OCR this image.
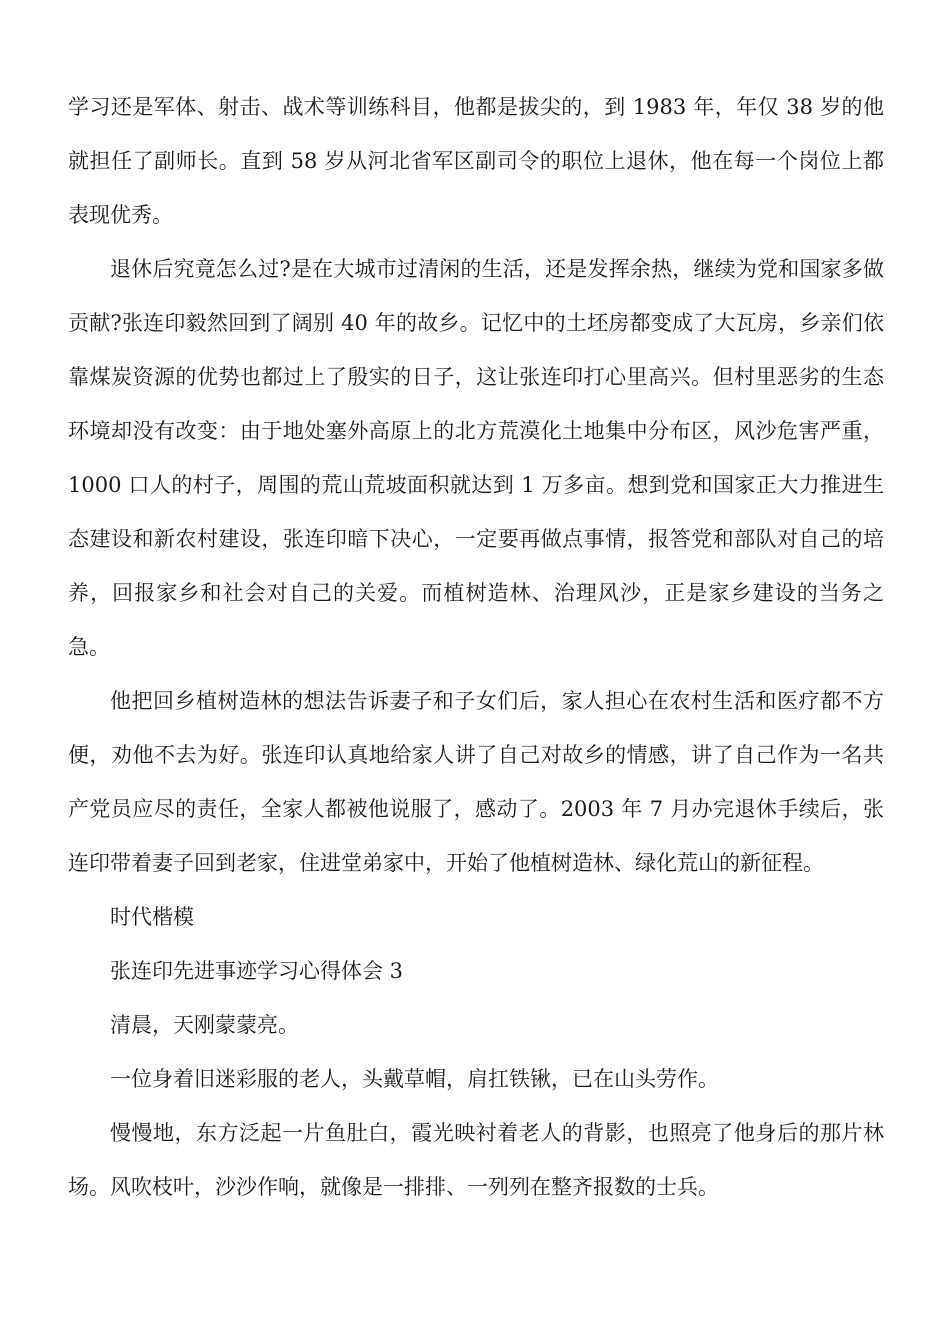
学习还是军体、射击、战术等训练科目，他都是拔尖的，到 1983 年，年仅 38 岁的他就担任了副师长。直到 58 岁从河北省军区副司令的职位上退休，他在每一个岗位上都表现优秀。

退休后究竟怎么过?是在大城市过清闲的生活，还是发挥余热，继续为党和国家多做贡献?张连印毅然回到了阔别 40 年的故乡。记忆中的土坯房都变成了大瓦房，乡亲们依靠煤炭资源的优势也都过上了殷实的日子，这让张连印打心里高兴。但村里恶劣的生态环境却没有改变：由于地处塞外高原上的北方荒漠化土地集中分布区，风沙危害严重，1000 口人的村子，周围的荒山荒坡面积就达到 1 万多亩。想到党和国家正大力推进生态建设和新农村建设，张连印暗下决心，一定要再做点事情，报答党和部队对自己的培养，回报家乡和社会对自己的关爱。而植树造林、治理风沙，正是家乡建设的当务之急。

他把回乡植树造林的想法告诉妻子和子女们后，家人担心在农村生活和医疗都不方便，劝他不去为好。张连印认真地给家人讲了自己对故乡的情感，讲了自己作为一名共产党员应尽的责任，全家人都被他说服了，感动了。2003 年 7 月办完退休手续后，张连印带着妻子回到老家，住进堂弟家中，开始了他植树造林、绿化荒山的新征程。

时代楷模

张连印先进事迹学习心得体会 3

清晨，天刚蒙蒙亮。

一位身着旧迷彩服的老人，头戴草帽，肩扛铁锹，已在山头劳作。

慢慢地，东方泛起一片鱼肚白，霞光映衬着老人的背影，也照亮了他身后的那片林场。风吹枝叶，沙沙作响，就像是一排排、一列列在整齐报数的士兵。
